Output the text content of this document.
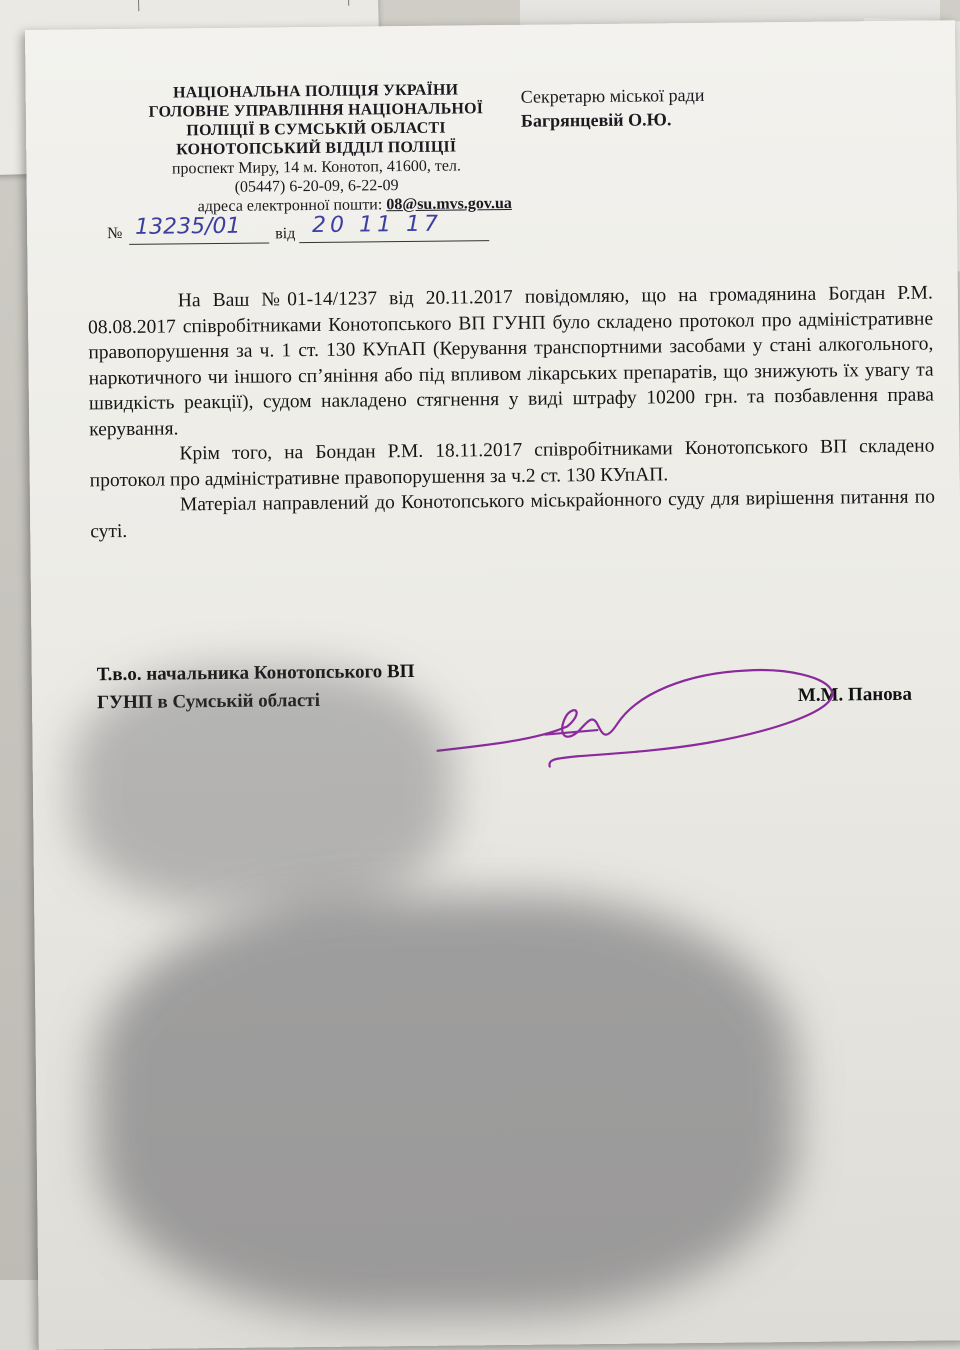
НАЦІОНАЛЬНА ПОЛІЦІЯ УКРАЇНИ
ГОЛОВНЕ УПРАВЛІННЯ НАЦІОНАЛЬНОЇ
ПОЛІЦІЇ В СУМСЬКІЙ ОБЛАСТІ
КОНОТОПСЬКИЙ ВІДДІЛ ПОЛІЦІЇ
проспект Миру, 14 м. Конотоп, 41600, тел.
(05447) 6-20-09, 6-22-09
адреса електронної пошти: 08@su.mvs.gov.ua
№ 13235/01 від 20 11 17
Секретарю міської ради
Багрянцевій О.Ю.

На Ваш №01-14/1237 від 20.11.2017 повідомляю, що на громадянина Богдан Р.М. 08.08.2017 співробітниками Конотопського ВП ГУНП було складено протокол про адміністративне правопорушення за ч. 1 ст. 130 КУпАП (Керування транспортними засобами у стані алкогольного, наркотичного чи іншого сп’яніння або під впливом лікарських препаратів, що знижують їх увагу та швидкість реакції), судом накладено стягнення у виді штрафу 10200 грн. та позбавлення права керування.

Крім того, на Бондан Р.М. 18.11.2017 співробітниками Конотопського ВП складено протокол про адміністративне правопорушення за ч.2 ст. 130 КУпАП.

Матеріал направлений до Конотопського міськрайонного суду для вирішення питання по суті.

Т.в.о. начальника Конотопського ВП
ГУНП в Сумській області	М.М. Панова
